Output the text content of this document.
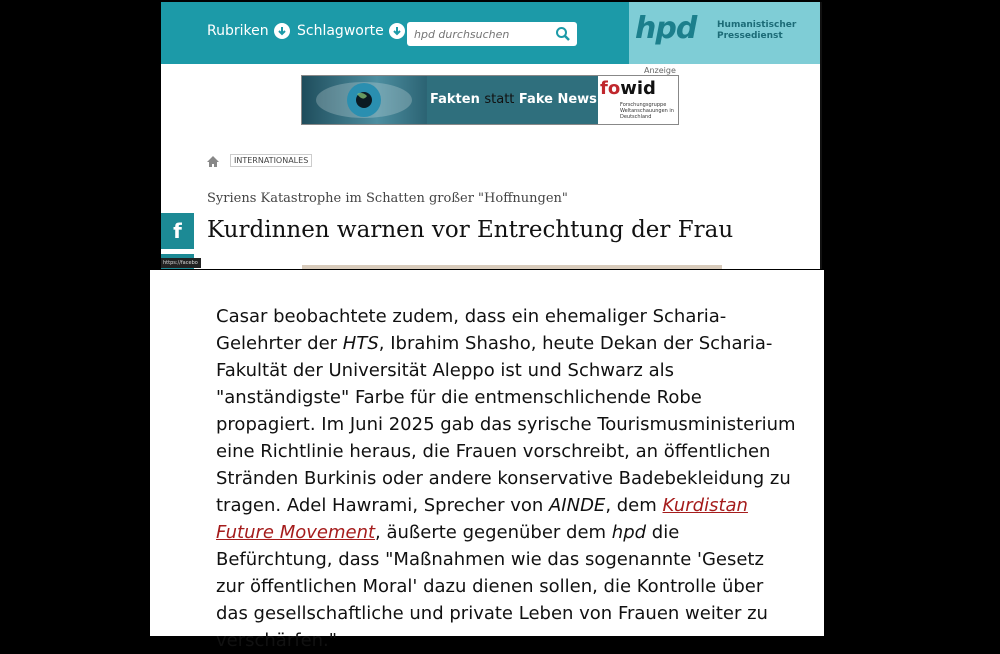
Rubriken Schlagworte
hpd durchsuchen	hpd Humanistischer
Pressedienst
Anzeige
Fakten statt Fake News
fowid
Forschungsgruppe Weltanschauungen in Deutschland
INTERNATIONALES
Syriens Katastrophe im Schatten großer "Hoffnungen"
Kurdinnen warnen vor Entrechtung der Frau
f
https://facebo

Casar beobachtete zudem, dass ein ehemaliger Scharia-Gelehrter der HTS, Ibrahim Shasho, heute Dekan der Scharia-Fakultät der Universität Aleppo ist und Schwarz als "anständigste" Farbe für die entmenschlichende Robe propagiert. Im Juni 2025 gab das syrische Tourismusministerium eine Richtlinie heraus, die Frauen vorschreibt, an öffentlichen Stränden Burkinis oder andere konservative Badebekleidung zu tragen. Adel Hawrami, Sprecher von AINDE, dem Kurdistan Future Movement, äußerte gegenüber dem hpd die Befürchtung, dass "Maßnahmen wie das sogenannte 'Gesetz zur öffentlichen Moral' dazu dienen sollen, die Kontrolle über das gesellschaftliche und private Leben von Frauen weiter zu verschärfen."
